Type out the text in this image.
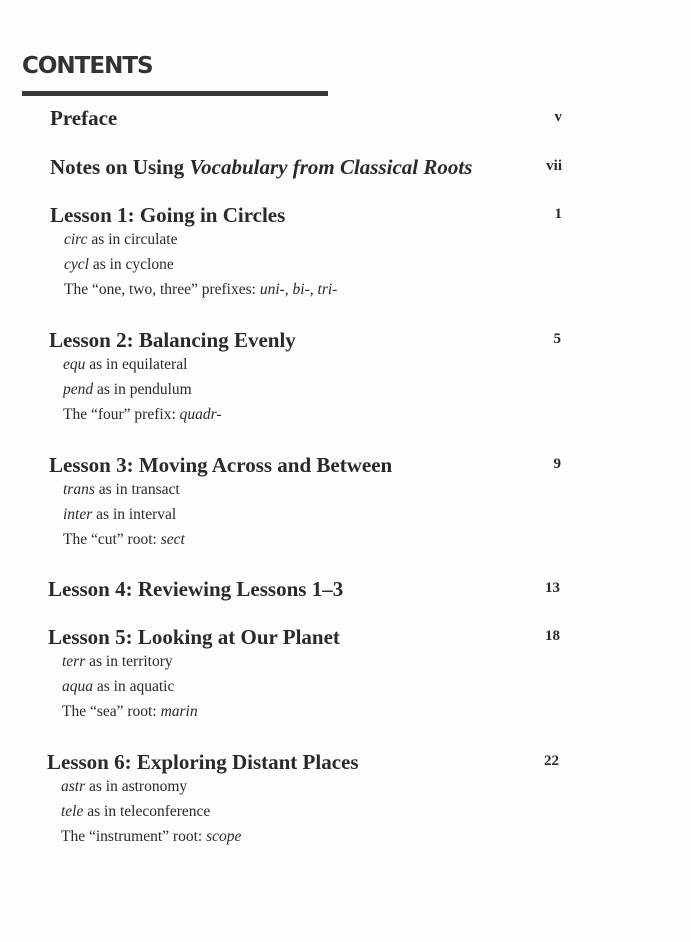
CONTENTS
Preface	v
Notes on Using Vocabulary from Classical Roots	vii
Lesson 1: Going in Circles	1
circ as in circulate
cycl as in cyclone
The “one, two, three” prefixes: uni-, bi-, tri-
Lesson 2: Balancing Evenly	5
equ as in equilateral
pend as in pendulum
The “four” prefix: quadr-
Lesson 3: Moving Across and Between	9
trans as in transact
inter as in interval
The “cut” root: sect
Lesson 4: Reviewing Lessons 1–3	13
Lesson 5: Looking at Our Planet	18
terr as in territory
aqua as in aquatic
The “sea” root: marin
Lesson 6: Exploring Distant Places	22
astr as in astronomy
tele as in teleconference
The “instrument” root: scope
